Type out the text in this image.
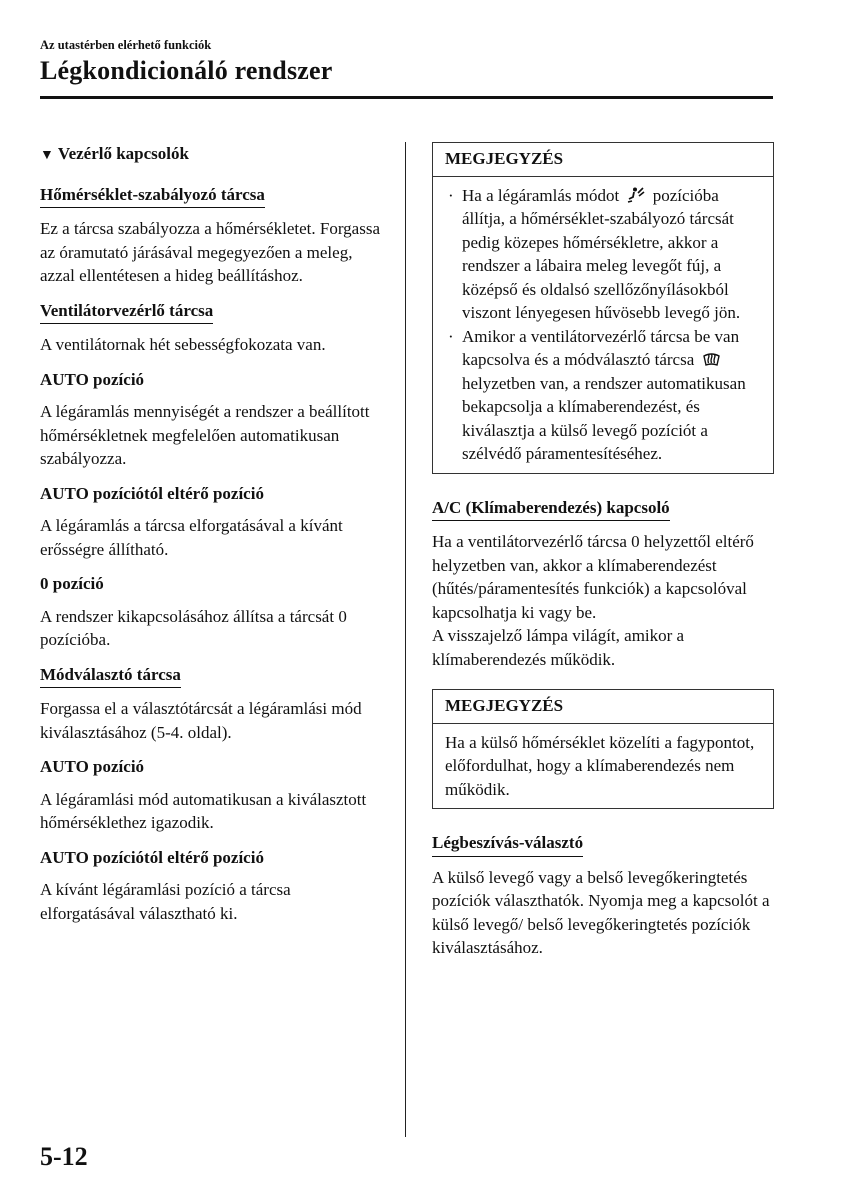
Az utastérben elérhető funkciók
Légkondicionáló rendszer
▼ Vezérlő kapcsolók
Hőmérséklet-szabályozó tárcsa

Ez a tárcsa szabályozza a hőmérsékletet. Forgassa az óramutató járásával megegyezően a meleg, azzal ellentétesen a hideg beállításhoz.

Ventilátorvezérlő tárcsa

A ventilátornak hét sebességfokozata van.

AUTO pozíció

A légáramlás mennyiségét a rendszer a beállított hőmérsékletnek megfelelően automatikusan szabályozza.

AUTO pozíciótól eltérő pozíció

A légáramlás a tárcsa elforgatásával a kívánt erősségre állítható.

0 pozíció

A rendszer kikapcsolásához állítsa a tárcsát 0 pozícióba.

Módválasztó tárcsa

Forgassa el a választótárcsát a légáramlási mód kiválasztásához (5-4. oldal).

AUTO pozíció

A légáramlási mód automatikusan a kiválasztott hőmérséklethez igazodik.

AUTO pozíciótól eltérő pozíció

A kívánt légáramlási pozíció a tárcsa elforgatásával választható ki.

MEGJEGYZÉS
· Ha a légáramlás módot pozícióba állítja, a hőmérséklet-szabályozó tárcsát pedig közepes hőmérsékletre, akkor a rendszer a lábaira meleg levegőt fúj, a középső és oldalsó szellőzőnyílásokból viszont lényegesen hűvösebb levegő jön.
· Amikor a ventilátorvezérlő tárcsa be van kapcsolva és a módválasztó tárcsa  helyzetben van, a rendszer automatikusan bekapcsolja a klímaberendezést, és kiválasztja a külső levegő pozíciót a szélvédő páramentesítéséhez.
A/C (Klímaberendezés) kapcsoló
Ha a ventilátorvezérlő tárcsa 0 helyzettől eltérő helyzetben van, akkor a klímaberendezést (hűtés/páramentesítés funkciók) a kapcsolóval kapcsolhatja ki vagy be.

A visszajelző lámpa világít, amikor a klímaberendezés működik.

MEGJEGYZÉS
Ha a külső hőmérséklet közelíti a fagypontot, előfordulhat, hogy a klímaberendezés nem működik.
Légbeszívás-választó

A külső levegő vagy a belső levegőkeringtetés pozíciók választhatók. Nyomja meg a kapcsolót a külső levegő/ belső levegőkeringtetés pozíciók kiválasztásához.

5-12
